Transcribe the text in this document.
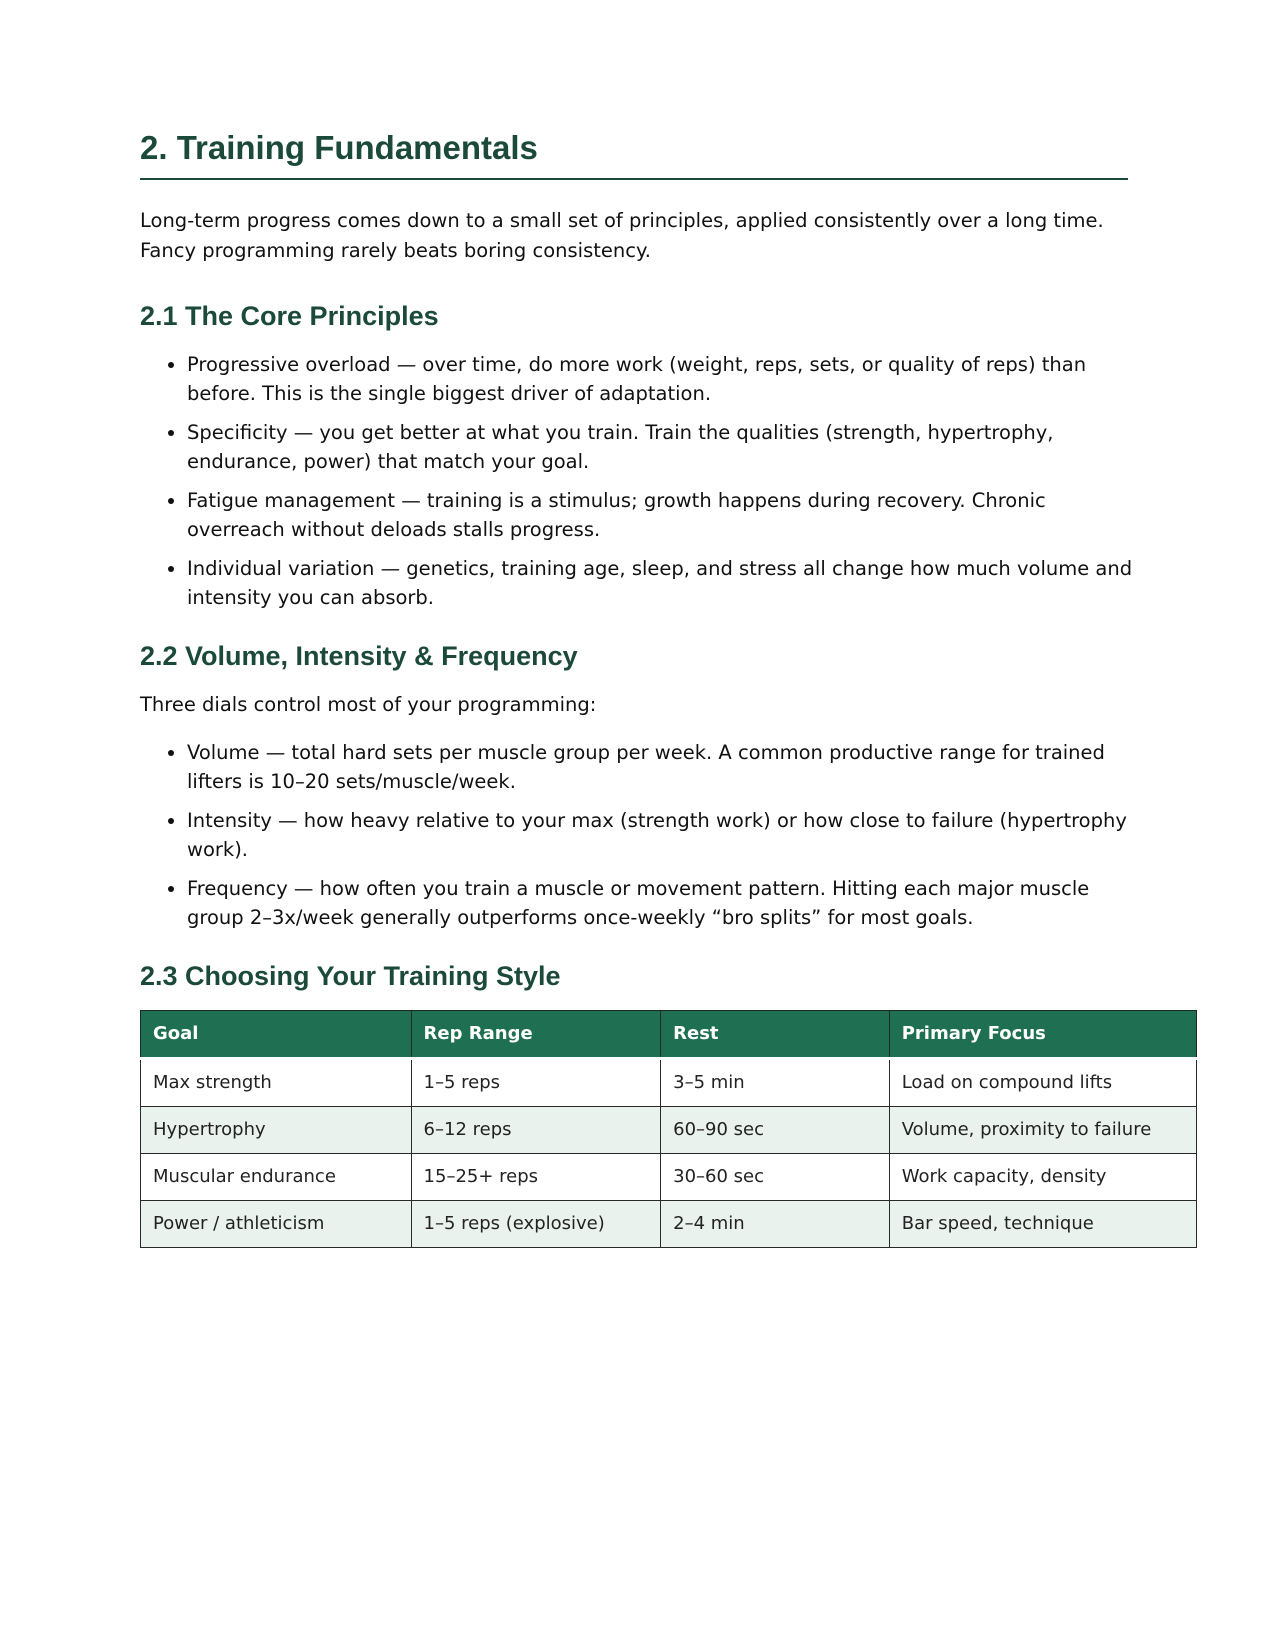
2. Training Fundamentals

Long-term progress comes down to a small set of principles, applied consistently over a long time. Fancy programming rarely beats boring consistency.

2.1 The Core Principles
• Progressive overload — over time, do more work (weight, reps, sets, or quality of reps) than before. This is the single biggest driver of adaptation.
• Specificity — you get better at what you train. Train the qualities (strength, hypertrophy, endurance, power) that match your goal.
• Fatigue management — training is a stimulus; growth happens during recovery. Chronic overreach without deloads stalls progress.
• Individual variation — genetics, training age, sleep, and stress all change how much volume and intensity you can absorb.
2.2 Volume, Intensity & Frequency

Three dials control most of your programming:

• Volume — total hard sets per muscle group per week. A common productive range for trained lifters is 10–20 sets/muscle/week.
• Intensity — how heavy relative to your max (strength work) or how close to failure (hypertrophy work).
• Frequency — how often you train a muscle or movement pattern. Hitting each major muscle group 2–3x/week generally outperforms once-weekly “bro splits” for most goals.
2.3 Choosing Your Training Style
Goal	Rep Range	Rest	Primary Focus
Max strength	1–5 reps	3–5 min	Load on compound lifts
Hypertrophy	6–12 reps	60–90 sec	Volume, proximity to failure
Muscular endurance	15–25+ reps	30–60 sec	Work capacity, density
Power / athleticism	1–5 reps (explosive)	2–4 min	Bar speed, technique
